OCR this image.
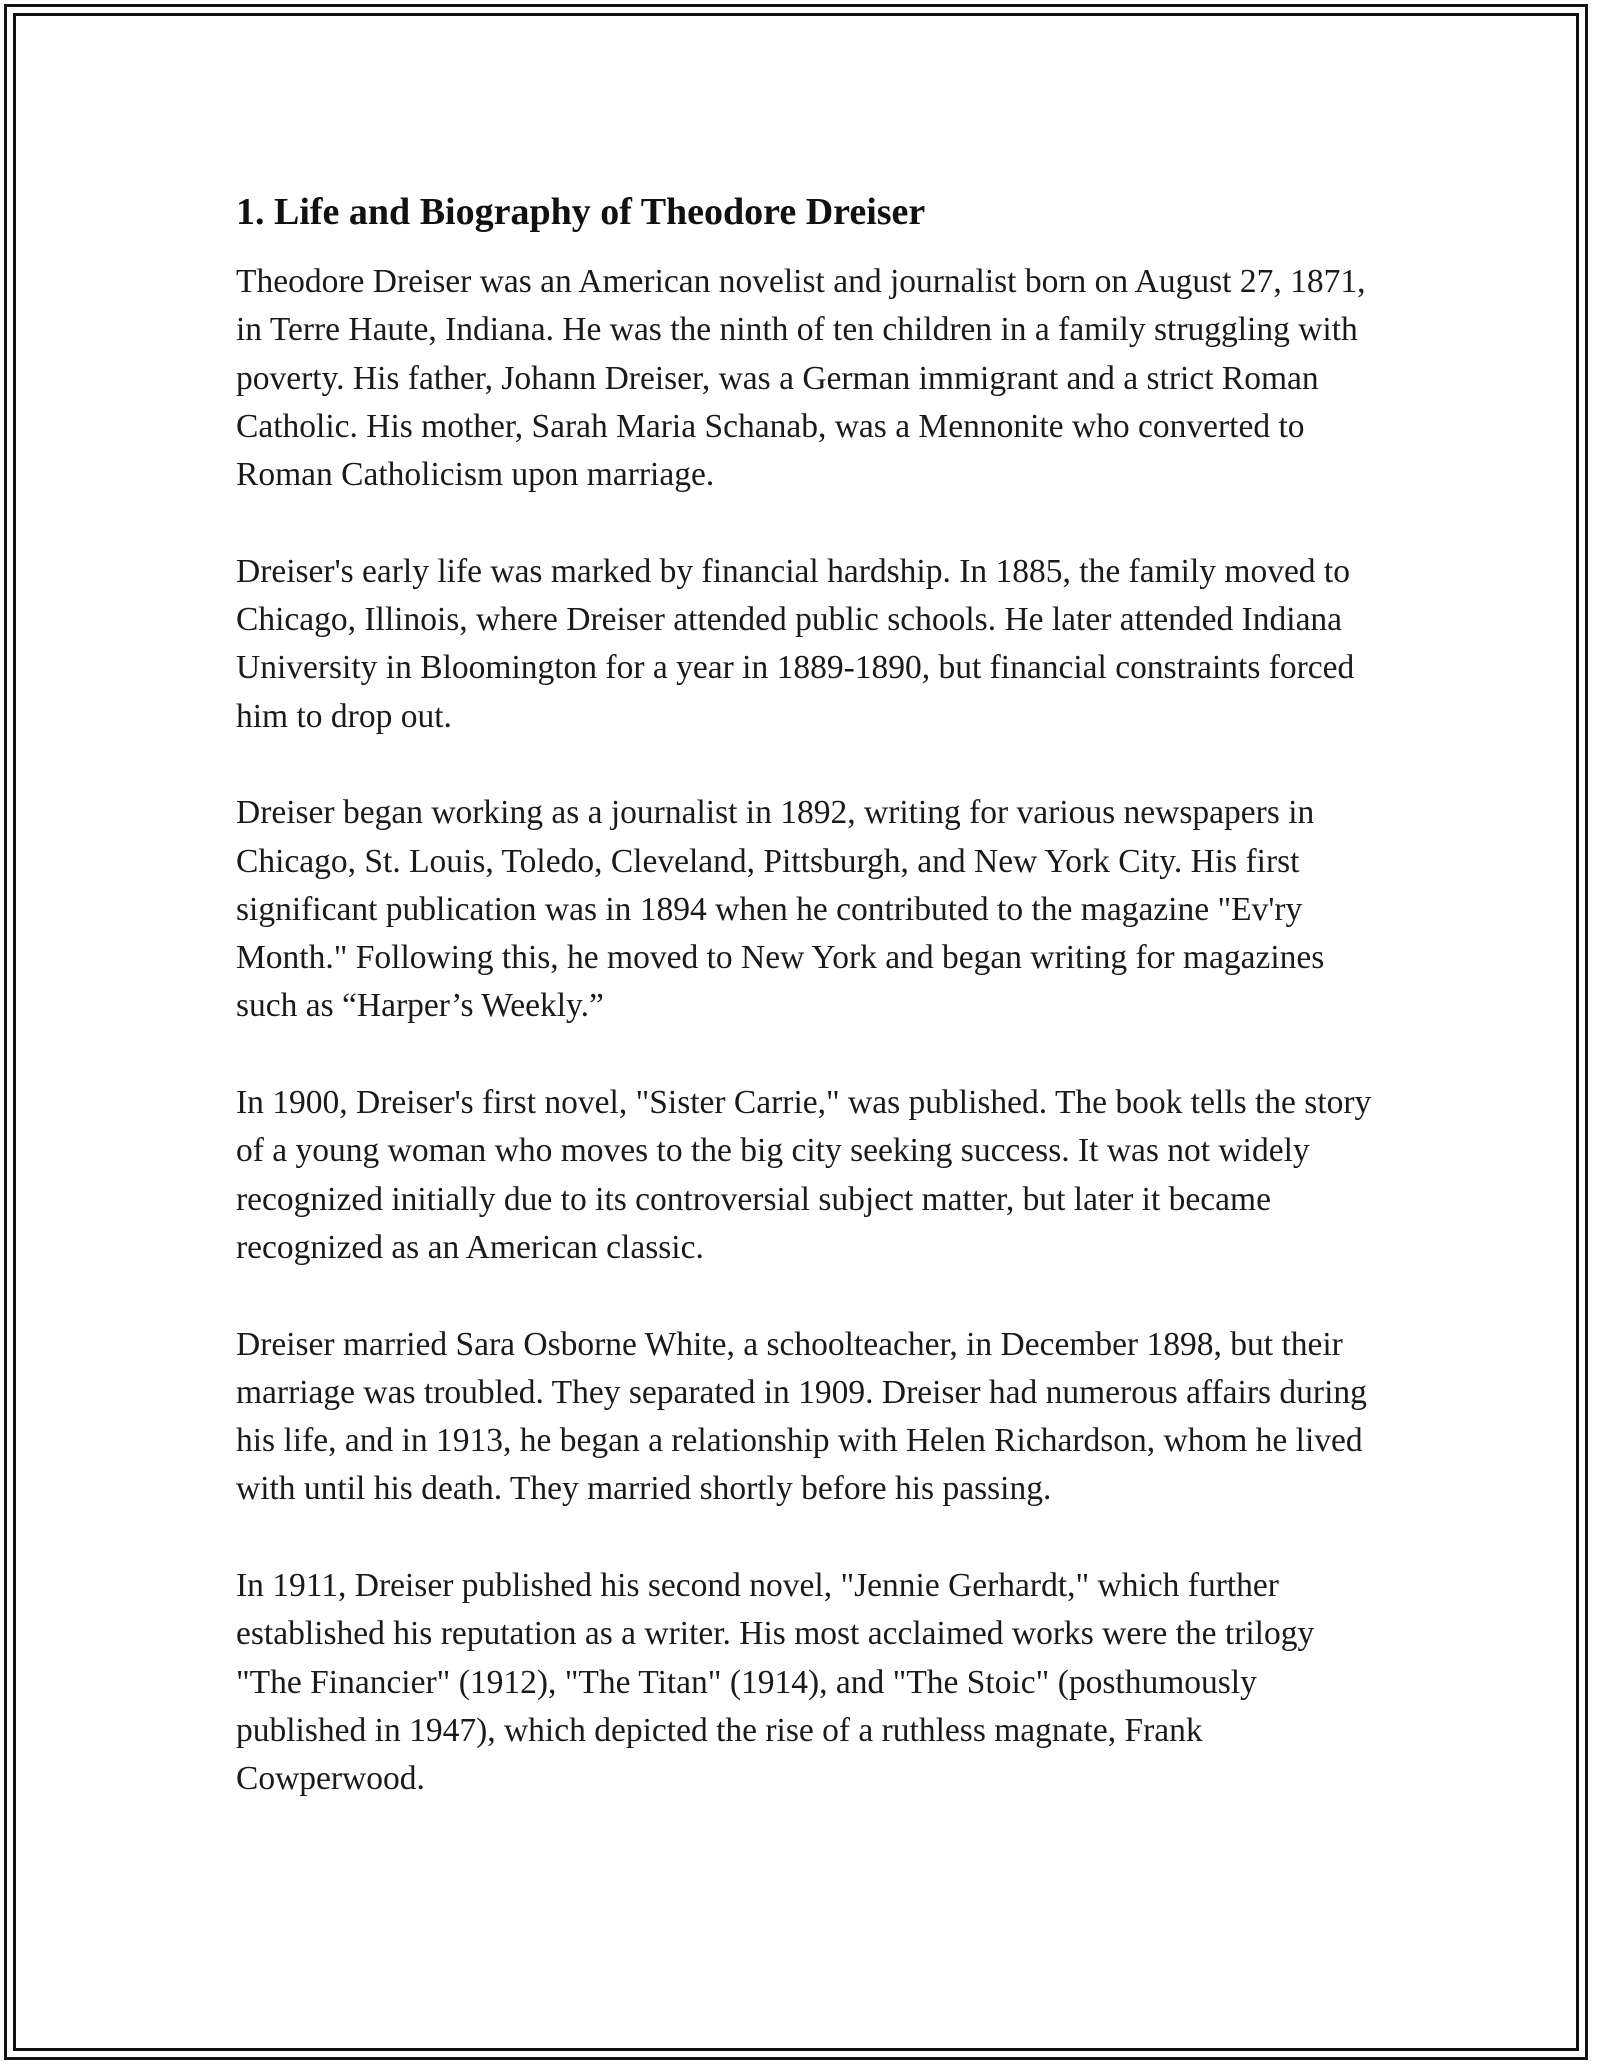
1. Life and Biography of Theodore Dreiser

Theodore Dreiser was an American novelist and journalist born on August 27, 1871, in Terre Haute, Indiana. He was the ninth of ten children in a family struggling with poverty. His father, Johann Dreiser, was a German immigrant and a strict Roman Catholic. His mother, Sarah Maria Schanab, was a Mennonite who converted to Roman Catholicism upon marriage.

Dreiser's early life was marked by financial hardship. In 1885, the family moved to Chicago, Illinois, where Dreiser attended public schools. He later attended Indiana University in Bloomington for a year in 1889-1890, but financial constraints forced him to drop out.

Dreiser began working as a journalist in 1892, writing for various newspapers in Chicago, St. Louis, Toledo, Cleveland, Pittsburgh, and New York City. His first significant publication was in 1894 when he contributed to the magazine "Ev'ry Month." Following this, he moved to New York and began writing for magazines such as “Harper’s Weekly.”

In 1900, Dreiser's first novel, "Sister Carrie," was published. The book tells the story of a young woman who moves to the big city seeking success. It was not widely recognized initially due to its controversial subject matter, but later it became recognized as an American classic.

Dreiser married Sara Osborne White, a schoolteacher, in December 1898, but their marriage was troubled. They separated in 1909. Dreiser had numerous affairs during his life, and in 1913, he began a relationship with Helen Richardson, whom he lived with until his death. They married shortly before his passing.

In 1911, Dreiser published his second novel, "Jennie Gerhardt," which further established his reputation as a writer. His most acclaimed works were the trilogy "The Financier" (1912), "The Titan" (1914), and "The Stoic" (posthumously published in 1947), which depicted the rise of a ruthless magnate, Frank Cowperwood.
